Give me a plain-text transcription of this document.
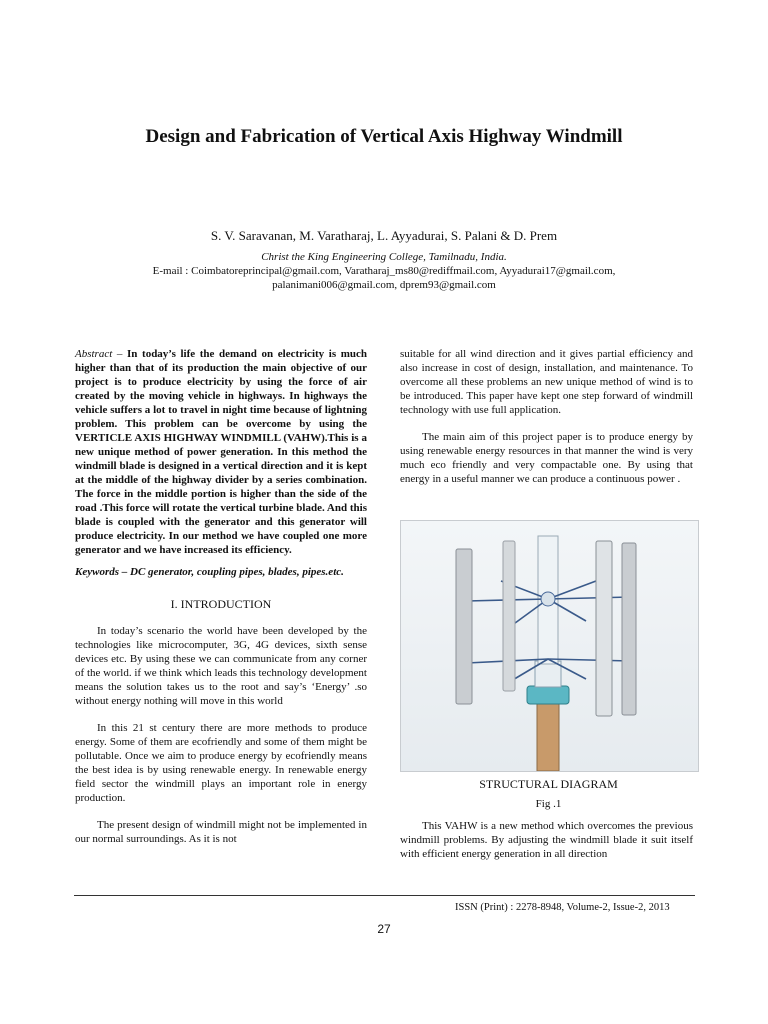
Design and Fabrication of Vertical Axis Highway Windmill
S. V. Saravanan, M. Varatharaj, L. Ayyadurai, S. Palani & D. Prem
Christ the King Engineering College, Tamilnadu, India.
E-mail : Coimbatoreprincipal@gmail.com, Varatharaj_ms80@rediffmail.com, Ayyadurai17@gmail.com,
palanimani006@gmail.com, dprem93@gmail.com

Abstract – In today’s life the demand on electricity is much higher than that of its production the main objective of our project is to produce electricity by using the force of air created by the moving vehicle in highways. In highways the vehicle suffers a lot to travel in night time because of lightning problem. This problem can be overcome by using the VERTICLE AXIS HIGHWAY WINDMILL (VAHW).This is a new unique method of power generation. In this method the windmill blade is designed in a vertical direction and it is kept at the middle of the highway divider by a series combination. The force in the middle portion is higher than the side of the road .This force will rotate the vertical turbine blade. And this blade is coupled with the generator and this generator will produce electricity. In our method we have coupled one more generator and we have increased its efficiency.

Keywords – DC generator, coupling pipes, blades, pipes.etc.

I. INTRODUCTION

In today’s scenario the world have been developed by the technologies like microcomputer, 3G, 4G devices, sixth sense devices etc. By using these we can communicate from any corner of the world. if we think which leads this technology development means the solution takes us to the root and say’s ‘Energy’ .so without energy nothing will move in this world

In this 21 st century there are more methods to produce energy. Some of them are ecofriendly and some of them might be pollutable. Once we aim to produce energy by ecofriendly means the best idea is by using renewable energy. In renewable energy field sector the windmill plays an important role in energy production.

The present design of windmill might not be implemented in our normal surroundings. As it is not

suitable for all wind direction and it gives partial efficiency and also increase in cost of design, installation, and maintenance. To overcome all these problems an new unique method of wind is to be introduced. This paper have kept one step forward of windmill technology with use full application.

The main aim of this project paper is to produce energy by using renewable energy resources in that manner the wind is very much eco friendly and very compactable one. By using that energy in a useful manner we can produce a continuous power .

STRUCTURAL DIAGRAM
Fig .1

This VAHW is a new method which overcomes the previous windmill problems. By adjusting the windmill blade it suit itself with efficient energy generation in all direction

ISSN (Print) : 2278-8948, Volume-2, Issue-2, 2013
27
